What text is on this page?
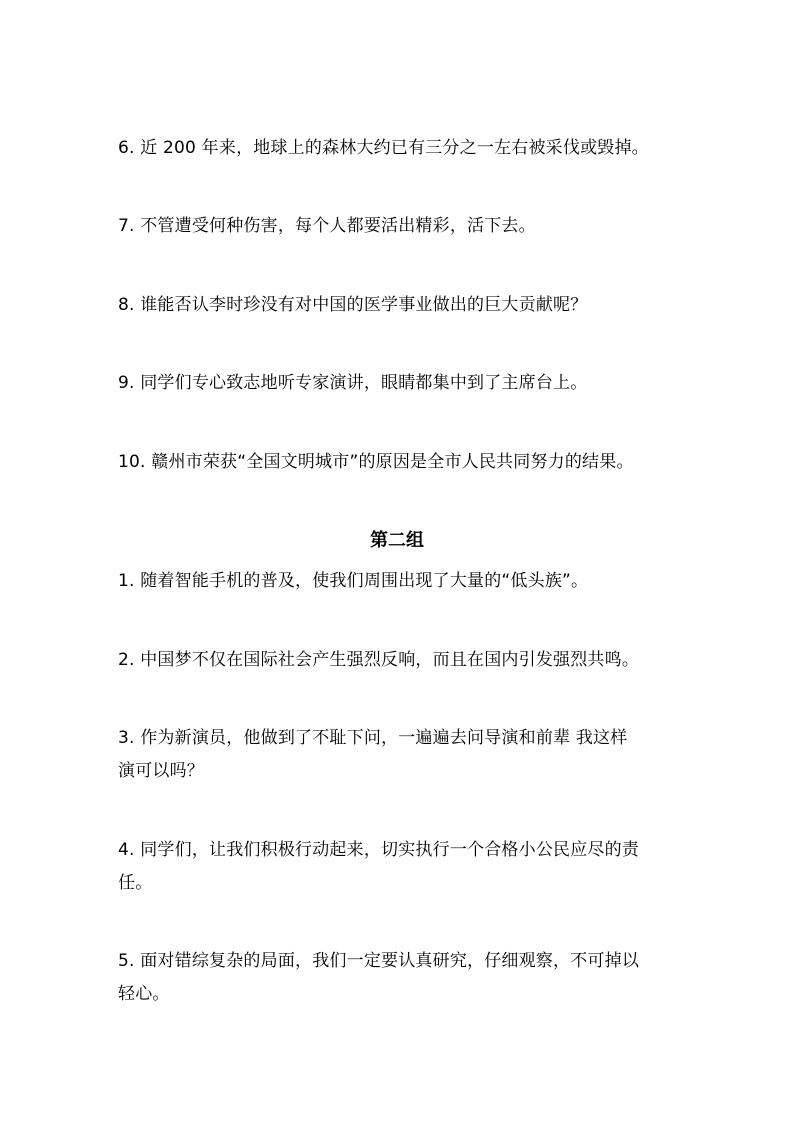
6. 近 200 年来，地球上的森林大约已有三分之一左右被采伐或毁掉。
7. 不管遭受何种伤害，每个人都要活出精彩，活下去。
8. 谁能否认李时珍没有对中国的医学事业做出的巨大贡献呢？
9. 同学们专心致志地听专家演讲，眼睛都集中到了主席台上。
10. 赣州市荣获“全国文明城市”的原因是全市人民共同努力的结果。
第二组
1. 随着智能手机的普及，使我们周围出现了大量的“低头族”。
2. 中国梦不仅在国际社会产生强烈反响，而且在国内引发强烈共鸣。
3. 作为新演员，他做到了不耻下问，一遍遍去问导演和前辈 我这样
演可以吗？
4. 同学们，让我们积极行动起来，切实执行一个合格小公民应尽的责
任。
5. 面对错综复杂的局面，我们一定要认真研究，仔细观察，不可掉以
轻心。
